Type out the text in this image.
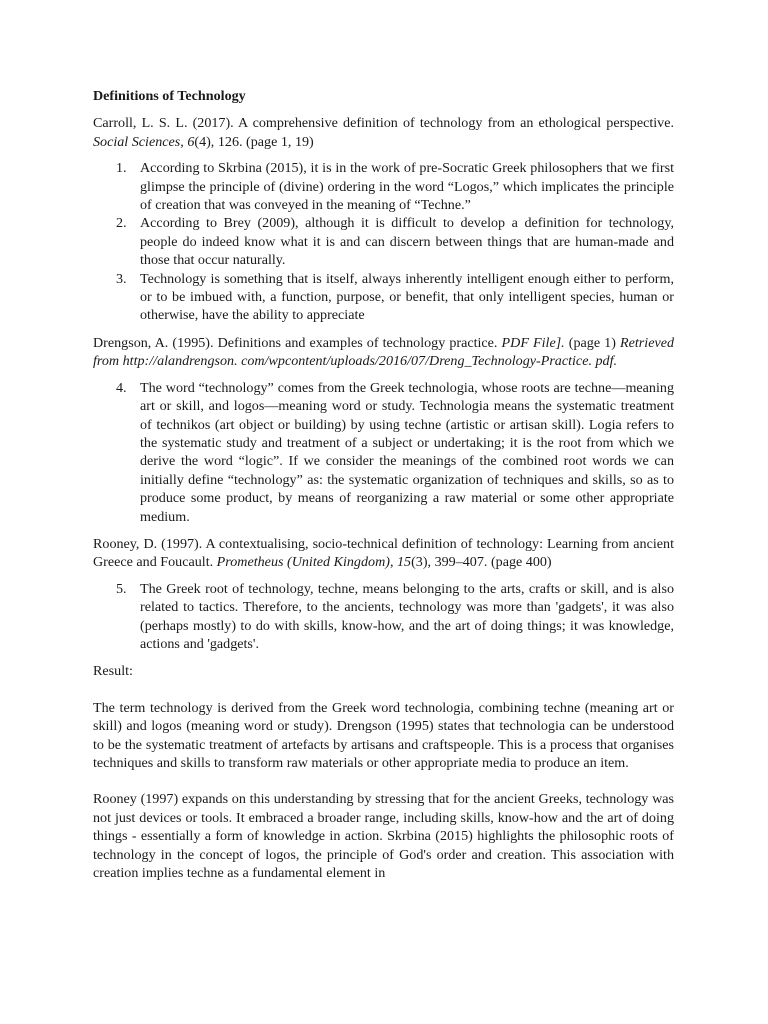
Definitions of Technology
Carroll, L. S. L. (2017). A comprehensive definition of technology from an ethological perspective. Social Sciences, 6(4), 126. (page 1, 19)
1. According to Skrbina (2015), it is in the work of pre-Socratic Greek philosophers that we first glimpse the principle of (divine) ordering in the word “Logos,” which implicates the principle of creation that was conveyed in the meaning of “Techne.”
2. According to Brey (2009), although it is difficult to develop a definition for technology, people do indeed know what it is and can discern between things that are human-made and those that occur naturally.
3. Technology is something that is itself, always inherently intelligent enough either to perform, or to be imbued with, a function, purpose, or benefit, that only intelligent species, human or otherwise, have the ability to appreciate
Drengson, A. (1995). Definitions and examples of technology practice. PDF File]. (page 1) Retrieved from http://alandrengson. com/wpcontent/uploads/2016/07/Dreng_Technology-Practice. pdf.
4. The word “technology” comes from the Greek technologia, whose roots are techne—meaning art or skill, and logos—meaning word or study. Technologia means the systematic treatment of technikos (art object or building) by using techne (artistic or artisan skill). Logia refers to the systematic study and treatment of a subject or undertaking; it is the root from which we derive the word “logic”. If we consider the meanings of the combined root words we can initially define “technology” as: the systematic organization of techniques and skills, so as to produce some product, by means of reorganizing a raw material or some other appropriate medium.
Rooney, D. (1997). A contextualising, socio-technical definition of technology: Learning from ancient Greece and Foucault. Prometheus (United Kingdom), 15(3), 399–407. (page 400)
5. The Greek root of technology, techne, means belonging to the arts, crafts or skill, and is also related to tactics. Therefore, to the ancients, technology was more than 'gadgets', it was also (perhaps mostly) to do with skills, know-how, and the art of doing things; it was knowledge, actions and 'gadgets'.
Result:
The term technology is derived from the Greek word technologia, combining techne (meaning art or skill) and logos (meaning word or study). Drengson (1995) states that technologia can be understood to be the systematic treatment of artefacts by artisans and craftspeople. This is a process that organises techniques and skills to transform raw materials or other appropriate media to produce an item.
Rooney (1997) expands on this understanding by stressing that for the ancient Greeks, technology was not just devices or tools. It embraced a broader range, including skills, know-how and the art of doing things - essentially a form of knowledge in action. Skrbina (2015) highlights the philosophic roots of technology in the concept of logos, the principle of God's order and creation. This association with creation implies techne as a fundamental element in
